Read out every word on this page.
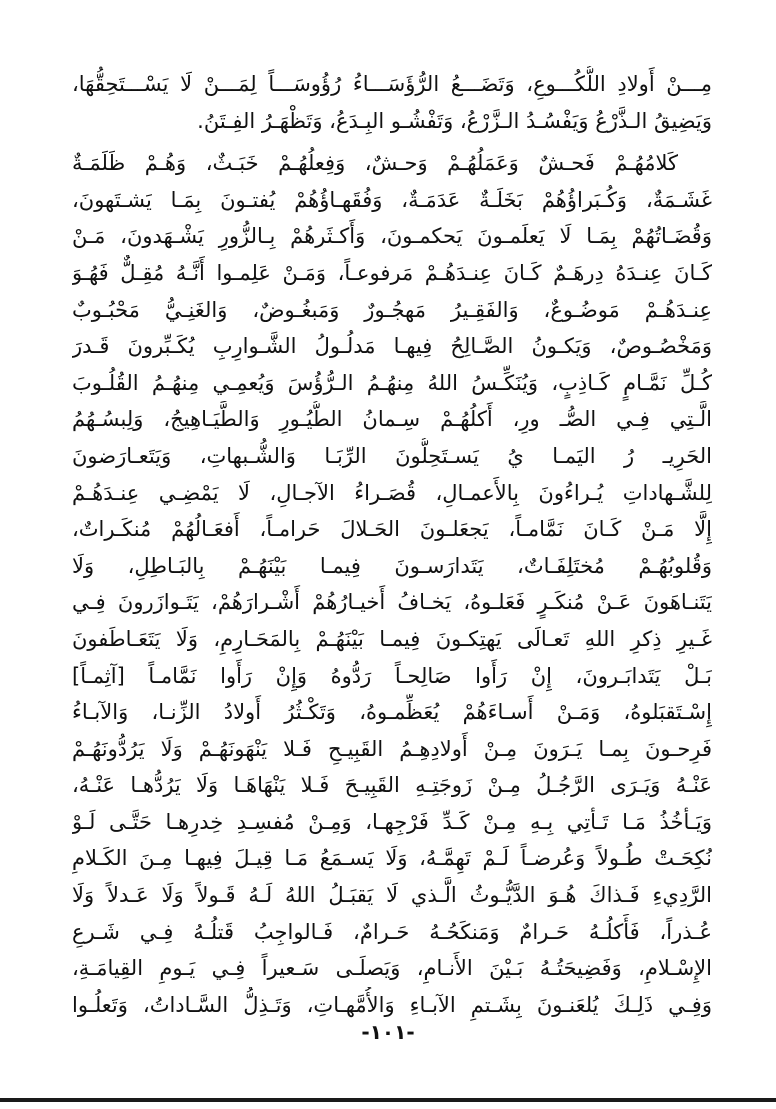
مِـــنْ أَولادِ اللُّكُـــوعِ، وَتَضَـــعُ الرُّؤَسَـــاءُ رُؤُوسَـــاً لِمَـــنْ لَا يَسْـــتَحِقُّهَا،
وَيَضِيقُ الـذَّرْعُ وَيَفْسُـدُ الـزَّرْعُ، وَتَفْشُـو البِـدَعُ، وَتَظْهَـرُ الفِـتَنُ.
كَلامُهُـمْ فَحـشٌ وَعَمَلُهُـمْ وَحـشٌ، وَفِعلُهُـمْ خَبَـثٌ، وَهُـمْ ظَلَمَـةٌ
غَشَـمَةٌ، وَكُـبَراؤُهُمْ بَخَلَـةٌ عَدَمَـةٌ، وَفُقَهـاؤُهُمْ يُفتـونَ بِمَـا يَشـتَهونَ،
وَقُضَـاتُهُمْ بِمَـا لَا يَعلَمـونَ يَحكمـونَ، وَأَكـثَرهُمْ بِـالزُّورِ يَشْـهَدونَ، مَـنْ
كَـانَ عِنـدَهُ دِرهَـمٌ كَـانَ عِنـدَهُـمْ مَرفوعـاً، وَمَـنْ عَلِمـوا أَنَّـهُ مُقِـلٌّ فَهُـوَ
عِنـدَهُـمْ مَوضُـوعٌ، وَالفَقِـيرُ مَهجُـورٌ وَمَبغُـوضٌ، وَالغَنِـيُّ مَحْبُـوبٌ
وَمَخْصُـوصٌ، وَيَكـونُ الصَّـالِحُ فِيهـا مَدلُـولُ الشَّـوارِبِ يُكَـبِّرونَ قَـدرَ
كُـلِّ نَمَّـامٍ كَـاذِبٍ، وَيُنَكِّـسُ اللهُ مِنهُـمُ الـرُّؤُسَ وَيُعمِـي مِنهُـمُ القُلُـوبَ
الَّـتِي فِـي الصُّـ ورِ، أَكلُهُـمْ سِـمانُ الطُّيُـورِ وَالطَّيَـاهِيجُ، وَلِبسُـهُمُ
الحَرِيـ رُ اليَمـا يُ يَسـتَحِلُّونَ الرِّبَـا وَالشُّـبهاتِ، وَيَتَعـارَضونَ
لِلشَّـهاداتِ يُـراءُونَ بِالأَعمـالِ، قُصَـراءُ الآجـالِ، لَا يَمْضِـي عِنـدَهُـمْ
إِلَّا مَـنْ كَـانَ نَمَّامـاً، يَجعَلـونَ الحَـلالَ حَرامـاً، أَفعَـالُهُمْ مُنكَـراتٌ،
وَقُلوبُهُـمْ مُختَلِفَـاتٌ، يَتَدارَسـونَ فِيمـا بَيْنَهُـمْ بِالبَـاطِلِ، وَلَا
يَتَنـاهَونَ عَـنْ مُنكَـرٍ فَعَلـوهُ، يَخـافُ أَخيـارُهُمْ أَشْـرارَهُمْ، يَتَـوازَرونَ فِـي
غَـيرِ ذِكرِ اللهِ تَعـالَى يَهتِكـونَ فِيمـا بَيْنَهُـمْ بِالمَحَـارِمِ، وَلَا يَتَعَـاطَفونَ
بَـلْ يَتَدابَـرونَ، إِنْ رَأَوا صَالِحـاً رَدُّوهُ وَإِنْ رَأَوا نَمَّامـاً [آثِمـاً]
إِسْـتَقبَلوهُ، وَمَـنْ أَسـاءَهُمْ يُعَظِّمـوهُ، وَتَكْـثُرُ أَولادُ الزِّنـا، وَالآبـاءُ
فَرِحـونَ بِمـا يَـرَونَ مِـنْ أَولادِهِـمُ القَبِيـحِ فَـلا يَنْهَونَهُـمْ وَلَا يَرُدُّونَهُـمْ
عَنْـهُ وَيَـرَى الرَّجُـلُ مِـنْ زَوجَتِـهِ القَبِيـحَ فَـلا يَنْهَاهَـا وَلَا يَرُدُّهـا عَنْـهُ،
وَيَـأخُذُ مَـا تَـأتِي بِـهِ مِـنْ كَـدِّ فَرْجِهـا، وَمِـنْ مُفسِـدِ خِدرِهـا حَتَّـى لَـوْ
نُكِحَـتْ طُـولاً وَعُرضـاً لَـمْ تَهِمَّـهُ، وَلَا يَسـمَعُ مَـا قِيـلَ فِيهـا مِـنَ الكَـلامِ
الرَّدِيءِ فَـذاكَ هُـوَ الدَّيُّـوثُ الَّـذي لَا يَقبَـلُ اللهُ لَـهُ قَـولاً وَلَا عَـدلاً وَلَا
عُـذراً، فَأَكلُـهُ حَـرامٌ وَمَنكَحُـهُ حَـرامٌ، فَـالواجِبُ قَتلُـهُ فِـي شَـرعِ
الإِسْـلامِ، وَفَضِيحَتُـهُ بَـيْنَ الأَنـامِ، وَيَصلَـى سَـعيراً فِـي يَـومِ القِيامَـةِ،
وَفِـي ذَلِـكَ يُلعَنـونَ بِشَـتمِ الآبـاءِ وَالأُمَّهـاتِ، وَتَـذِلُّ السَّـاداتُ، وَتَعلُـوا
-١٠١-
